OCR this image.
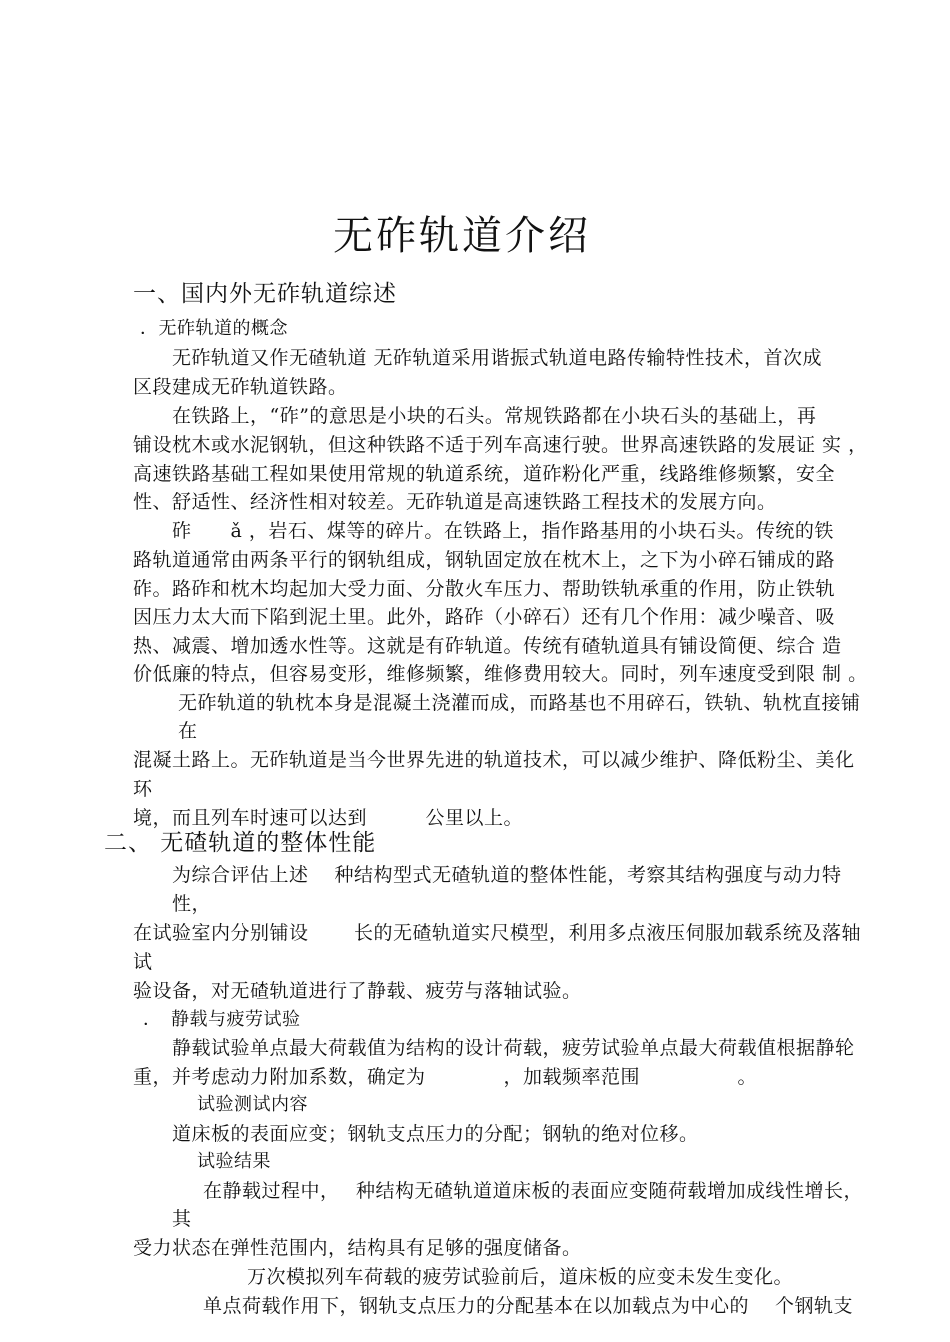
无砟轨道介绍
一、国内外无砟轨道综述
．无砟轨道的概念
无砟轨道又作无碴轨道 无砟轨道采用谐振式轨道电路传输特性技术，首次成
区段建成无砟轨道铁路。
在铁路上，“砟”的意思是小块的石头。常规铁路都在小块石头的基础上，再
铺设枕木或水泥钢轨，但这种铁路不适于列车高速行驶。世界高速铁路的发展证 实 ，
高速铁路基础工程如果使用常规的轨道系统，道砟粉化严重，线路维修频繁，安全
性、舒适性、经济性相对较差。无砟轨道是高速铁路工程技术的发展方向。
砟　　ǎ ，岩石、煤等的碎片。在铁路上，指作路基用的小块石头。传统的铁
路轨道通常由两条平行的钢轨组成，钢轨固定放在枕木上，之下为小碎石铺成的路
砟。路砟和枕木均起加大受力面、分散火车压力、帮助铁轨承重的作用，防止铁轨
因压力太大而下陷到泥土里。此外，路砟（小碎石）还有几个作用：减少噪音、吸
热、减震、增加透水性等。这就是有砟轨道。传统有碴轨道具有铺设简便、综合 造
价低廉的特点，但容易变形，维修频繁，维修费用较大。同时，列车速度受到限 制 。
无砟轨道的轨枕本身是混凝土浇灌而成，而路基也不用碎石，铁轨、轨枕直接铺
在
混凝土路上。无砟轨道是当今世界先进的轨道技术，可以减少维护、降低粉尘、美化
环
境，而且列车时速可以达到　　　公里以上。
二、 无碴轨道的整体性能
为综合评估上述　 种结构型式无碴轨道的整体性能，考察其结构强度与动力特
性，
在试验室内分别铺设　　 长的无碴轨道实尺模型，利用多点液压伺服加载系统及落轴
试
验设备，对无碴轨道进行了静载、疲劳与落轴试验。
．　静载与疲劳试验
静载试验单点最大荷载值为结构的设计荷载，疲劳试验单点最大荷载值根据静轮
重，并考虑动力附加系数，确定为　　　　，加载频率范围　　　　　。
试验测试内容
道床板的表面应变；钢轨支点压力的分配；钢轨的绝对位移。
试验结果
在静载过程中，　 种结构无碴轨道道床板的表面应变随荷载增加成线性增长，
其
受力状态在弹性范围内，结构具有足够的强度储备。
万次模拟列车荷载的疲劳试验前后，道床板的应变未发生变化。
单点荷载作用下，钢轨支点压力的分配基本在以加载点为中心的　 个钢轨支
